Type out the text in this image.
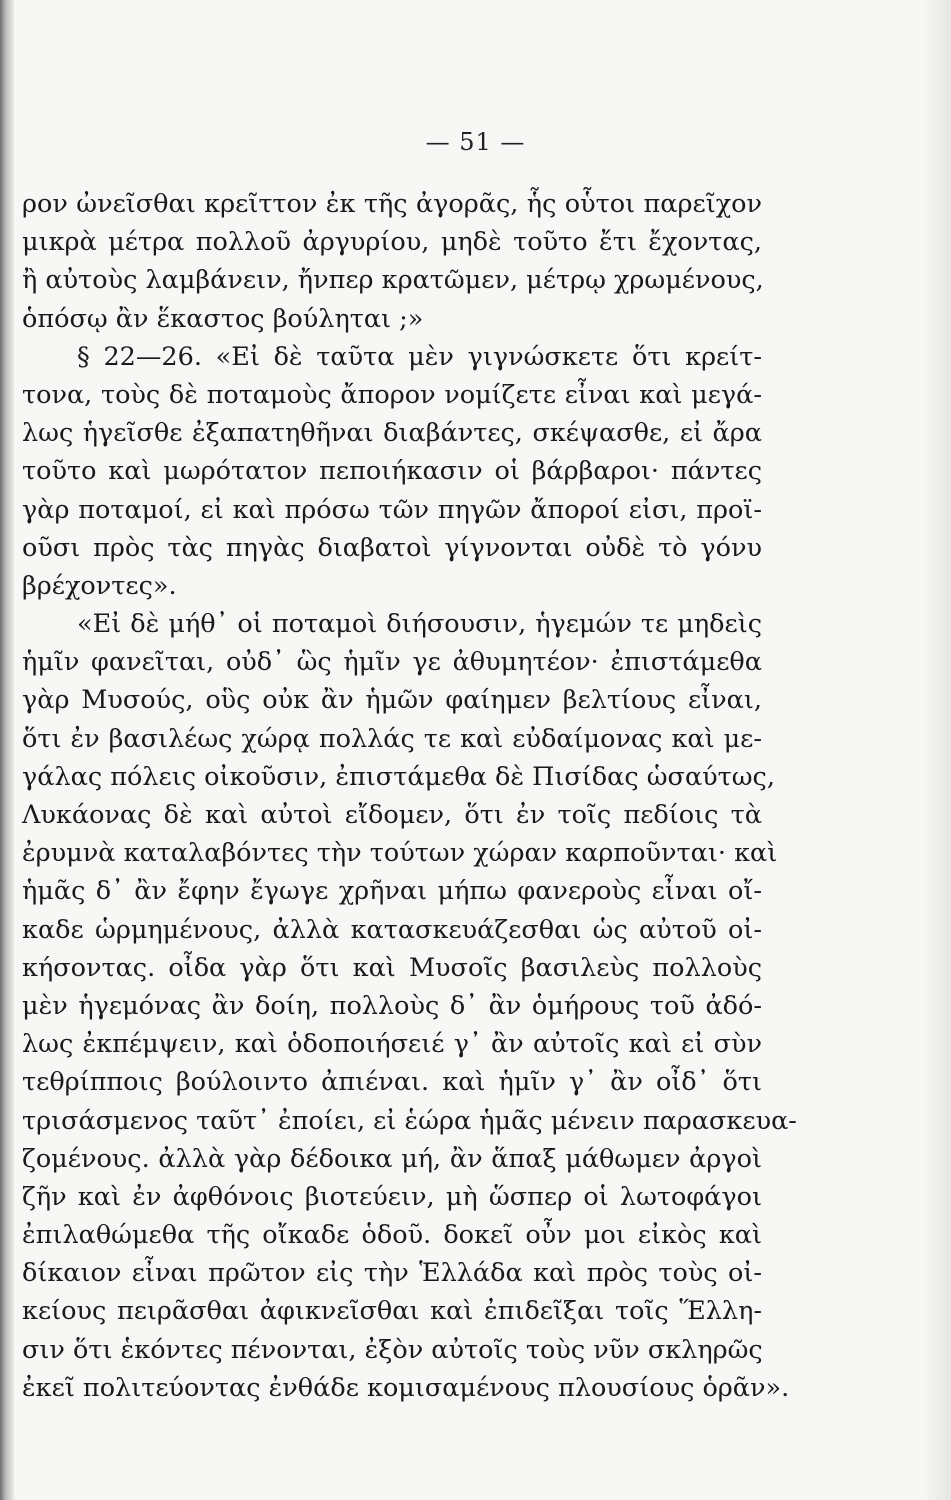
— 51 —
ρον ὠνεῖσθαι κρεῖττον ἐκ τῆς ἀγορᾶς, ἧς οὗτοι παρεῖχον
μικρὰ μέτρα πολλοῦ ἀργυρίου, μηδὲ τοῦτο ἔτι ἔχοντας,
ἢ αὐτοὺς λαμβάνειν, ἤνπερ κρατῶμεν, μέτρῳ χρωμένους,
ὁπόσῳ ἂν ἕκαστος βούληται ;»
§ 22—26. «Εἰ δὲ ταῦτα μὲν γιγνώσκετε ὅτι κρείτ-
τονα, τοὺς δὲ ποταμοὺς ἄπορον νομίζετε εἶναι καὶ μεγά-
λως ἡγεῖσθε ἐξαπατηθῆναι διαβάντες, σκέψασθε, εἰ ἄρα
τοῦτο καὶ μωρότατον πεποιήκασιν οἱ βάρβαροι· πάντες
γὰρ ποταμοί, εἰ καὶ πρόσω τῶν πηγῶν ἄποροί εἰσι, προϊ-
οῦσι πρὸς τὰς πηγὰς διαβατοὶ γίγνονται οὐδὲ τὸ γόνυ
βρέχοντες».
«Εἰ δὲ μήθ᾽ οἱ ποταμοὶ διήσουσιν, ἡγεμών τε μηδεὶς
ἡμῖν φανεῖται, οὐδ᾽ ὣς ἡμῖν γε ἀθυμητέον· ἐπιστάμεθα
γὰρ Μυσούς, οὓς οὐκ ἂν ἡμῶν φαίημεν βελτίους εἶναι,
ὅτι ἐν βασιλέως χώρᾳ πολλάς τε καὶ εὐδαίμονας καὶ με-
γάλας πόλεις οἰκοῦσιν, ἐπιστάμεθα δὲ Πισίδας ὡσαύτως,
Λυκάονας δὲ καὶ αὐτοὶ εἴδομεν, ὅτι ἐν τοῖς πεδίοις τὰ
ἐρυμνὰ καταλαβόντες τὴν τούτων χώραν καρποῦνται· καὶ
ἡμᾶς δ᾽ ἂν ἔφην ἔγωγε χρῆναι μήπω φανεροὺς εἶναι οἴ-
καδε ὡρμημένους, ἀλλὰ κατασκευάζεσθαι ὡς αὐτοῦ οἰ-
κήσοντας. οἶδα γὰρ ὅτι καὶ Μυσοῖς βασιλεὺς πολλοὺς
μὲν ἡγεμόνας ἂν δοίη, πολλοὺς δ᾽ ἂν ὁμήρους τοῦ ἀδό-
λως ἐκπέμψειν, καὶ ὁδοποιήσειέ γ᾽ ἂν αὐτοῖς καὶ εἰ σὺν
τεθρίπποις βούλοιντο ἀπιέναι. καὶ ἡμῖν γ᾽ ἂν οἶδ᾽ ὅτι
τρισάσμενος ταῦτ᾽ ἐποίει, εἰ ἑώρα ἡμᾶς μένειν παρασκευα-
ζομένους. ἀλλὰ γὰρ δέδοικα μή, ἂν ἅπαξ μάθωμεν ἀργοὶ
ζῆν καὶ ἐν ἀφθόνοις βιοτεύειν, μὴ ὥσπερ οἱ λωτοφάγοι
ἐπιλαθώμεθα τῆς οἴκαδε ὁδοῦ. δοκεῖ οὖν μοι εἰκὸς καὶ
δίκαιον εἶναι πρῶτον εἰς τὴν Ἑλλάδα καὶ πρὸς τοὺς οἰ-
κείους πειρᾶσθαι ἀφικνεῖσθαι καὶ ἐπιδεῖξαι τοῖς Ἕλλη-
σιν ὅτι ἑκόντες πένονται, ἐξὸν αὐτοῖς τοὺς νῦν σκληρῶς
ἐκεῖ πολιτεύοντας ἐνθάδε κομισαμένους πλουσίους ὁρᾶν».
